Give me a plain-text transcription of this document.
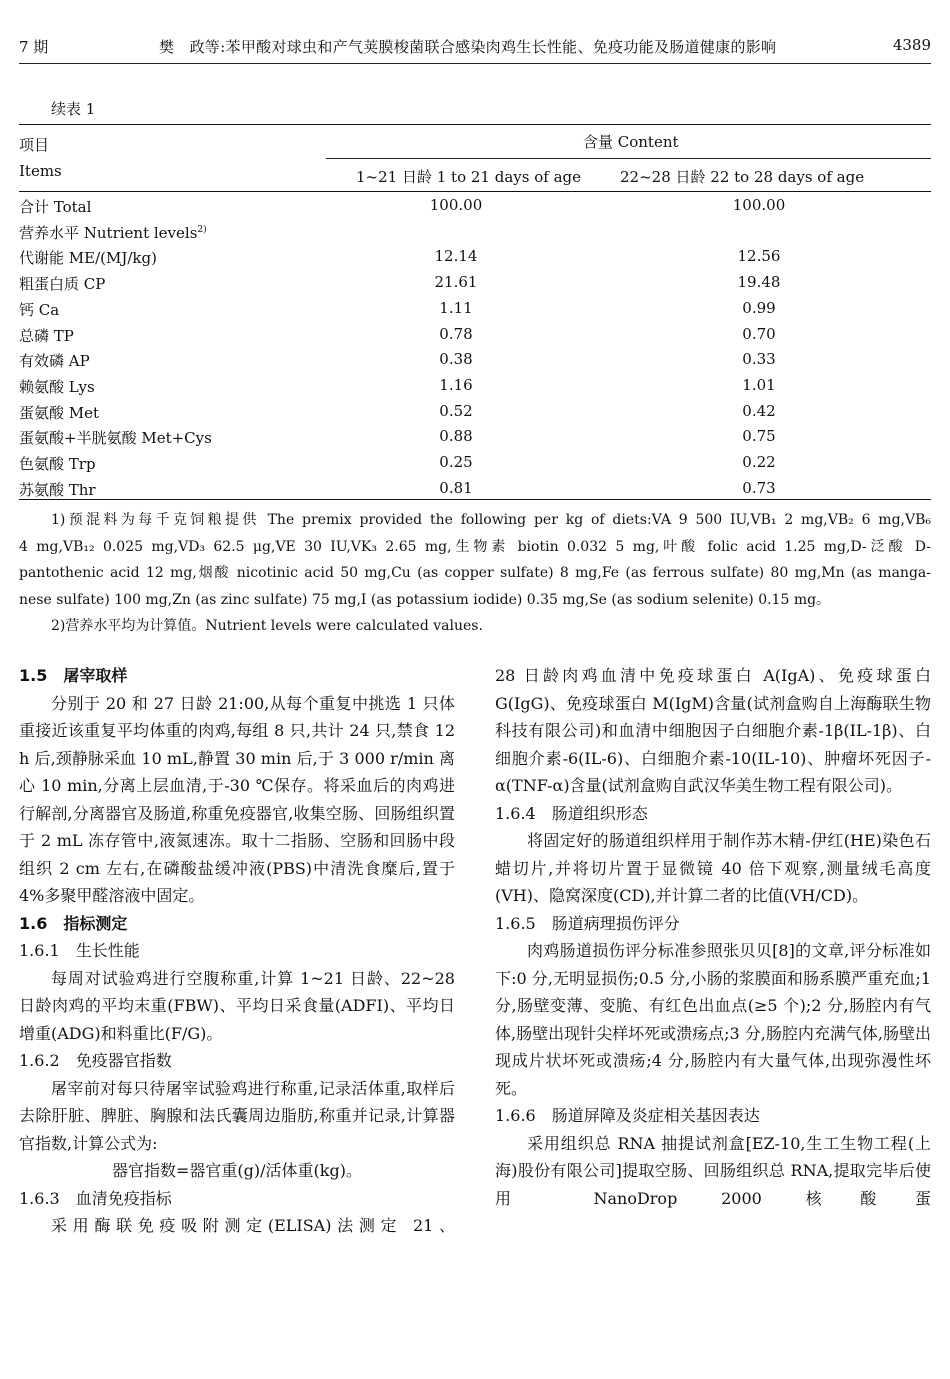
7 期	樊　政等:苯甲酸对球虫和产气荚膜梭菌联合感染肉鸡生长性能、免疫功能及肠道健康的影响	4389
续表 1
项目
Items
含量 Content
1~21 日龄 1 to 21 days of age	22~28 日龄 22 to 28 days of age
合计 Total	100.00	100.00
营养水平 Nutrient levels$^{2)}$
代谢能 ME/(MJ/kg)	12.14	12.56
粗蛋白质 CP	21.61	19.48
钙 Ca	1.11	0.99
总磷 TP	0.78	0.70
有效磷 AP	0.38	0.33
赖氨酸 Lys	1.16	1.01
蛋氨酸 Met	0.52	0.42
蛋氨酸+半胱氨酸 Met+Cys	0.88	0.75
色氨酸 Trp	0.25	0.22
苏氨酸 Thr	0.81	0.73

1)预混料为每千克饲粮提供 The premix provided the following per kg of diets:VA 9 500 IU,VB₁ 2 mg,VB₂ 6 mg,VB₆

4 mg,VB₁₂ 0.025 mg,VD₃ 62.5 μg,VE 30 IU,VK₃ 2.65 mg,生物素 biotin 0.032 5 mg,叶酸 folic acid 1.25 mg,D-泛酸 D-

pantothenic acid 12 mg,烟酸 nicotinic acid 50 mg,Cu (as copper sulfate) 8 mg,Fe (as ferrous sulfate) 80 mg,Mn (as manga-

nese sulfate) 100 mg,Zn (as zinc sulfate) 75 mg,I (as potassium iodide) 0.35 mg,Se (as sodium selenite) 0.15 mg。

2)营养水平均为计算值。Nutrient levels were calculated values.

1.5　屠宰取样

分别于 20 和 27 日龄 21:00,从每个重复中挑选 1 只体重接近该重复平均体重的肉鸡,每组 8 只,共计 24 只,禁食 12 h 后,颈静脉采血 10 mL,静置 30 min 后,于 3 000 r/min 离心 10 min,分离上层血清,于-30 ℃保存。将采血后的肉鸡进行解剖,分离器官及肠道,称重免疫器官,收集空肠、回肠组织置于 2 mL 冻存管中,液氮速冻。取十二指肠、空肠和回肠中段组织 2 cm 左右,在磷酸盐缓冲液(PBS)中清洗食糜后,置于 4%多聚甲醛溶液中固定。

1.6　指标测定

1.6.1　生长性能

每周对试验鸡进行空腹称重,计算 1~21 日龄、22~28 日龄肉鸡的平均末重(FBW)、平均日采食量(ADFI)、平均日增重(ADG)和料重比(F/G)。

1.6.2　免疫器官指数

屠宰前对每只待屠宰试验鸡进行称重,记录活体重,取样后去除肝脏、脾脏、胸腺和法氏囊周边脂肪,称重并记录,计算器官指数,计算公式为:

器官指数=器官重(g)/活体重(kg)。

1.6.3　血清免疫指标

采用酶联免疫吸附测定(ELISA)法测定 21、

28 日龄肉鸡血清中免疫球蛋白 A(IgA)、免疫球蛋白 G(IgG)、免疫球蛋白 M(IgM)含量(试剂盒购自上海酶联生物科技有限公司)和血清中细胞因子白细胞介素-1β(IL-1β)、白细胞介素-6(IL-6)、白细胞介素-10(IL-10)、肿瘤坏死因子-α(TNF-α)含量(试剂盒购自武汉华美生物工程有限公司)。

1.6.4　肠道组织形态

将固定好的肠道组织样用于制作苏木精-伊红(HE)染色石蜡切片,并将切片置于显微镜 40 倍下观察,测量绒毛高度(VH)、隐窝深度(CD),并计算二者的比值(VH/CD)。

1.6.5　肠道病理损伤评分

肉鸡肠道损伤评分标准参照张贝贝[8]的文章,评分标准如下:0 分,无明显损伤;0.5 分,小肠的浆膜面和肠系膜严重充血;1 分,肠壁变薄、变脆、有红色出血点(≥5 个);2 分,肠腔内有气体,肠壁出现针尖样坏死或溃疡点;3 分,肠腔内充满气体,肠壁出现成片状坏死或溃疡;4 分,肠腔内有大量气体,出现弥漫性坏死。

1.6.6　肠道屏障及炎症相关基因表达

采用组织总 RNA 抽提试剂盒[EZ-10,生工生物工程(上海)股份有限公司]提取空肠、回肠组织总 RNA,提取完毕后使用 NanoDrop 2000 核酸蛋
